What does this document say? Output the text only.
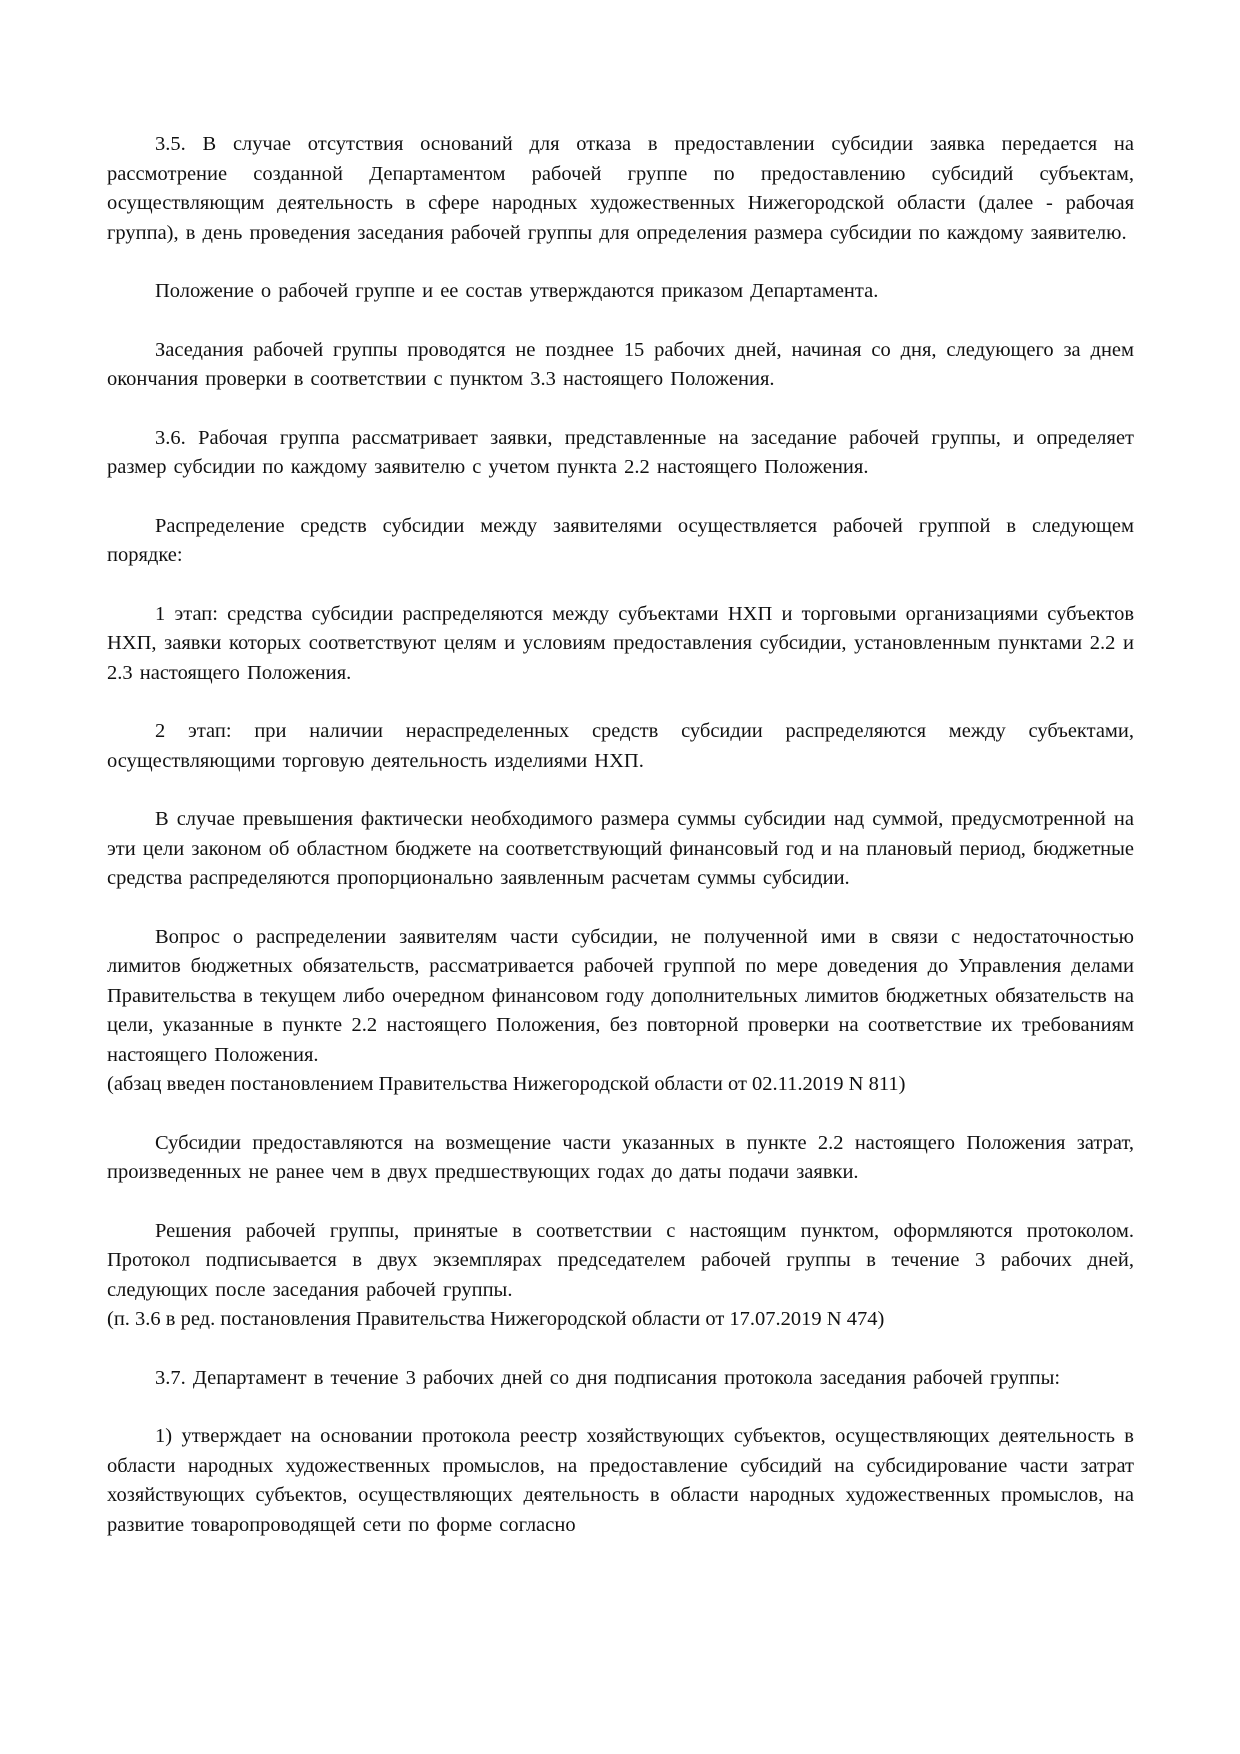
3.5. В случае отсутствия оснований для отказа в предоставлении субсидии заявка передается на рассмотрение созданной Департаментом рабочей группе по предоставлению субсидий субъектам, осуществляющим деятельность в сфере народных художественных Нижегородской области (далее - рабочая группа), в день проведения заседания рабочей группы для определения размера субсидии по каждому заявителю.
Положение о рабочей группе и ее состав утверждаются приказом Департамента.
Заседания рабочей группы проводятся не позднее 15 рабочих дней, начиная со дня, следующего за днем окончания проверки в соответствии с пунктом 3.3 настоящего Положения.
3.6. Рабочая группа рассматривает заявки, представленные на заседание рабочей группы, и определяет размер субсидии по каждому заявителю с учетом пункта 2.2 настоящего Положения.
Распределение средств субсидии между заявителями осуществляется рабочей группой в следующем порядке:
1 этап: средства субсидии распределяются между субъектами НХП и торговыми организациями субъектов НХП, заявки которых соответствуют целям и условиям предоставления субсидии, установленным пунктами 2.2 и 2.3 настоящего Положения.
2 этап: при наличии нераспределенных средств субсидии распределяются между субъектами, осуществляющими торговую деятельность изделиями НХП.
В случае превышения фактически необходимого размера суммы субсидии над суммой, предусмотренной на эти цели законом об областном бюджете на соответствующий финансовый год и на плановый период, бюджетные средства распределяются пропорционально заявленным расчетам суммы субсидии.
Вопрос о распределении заявителям части субсидии, не полученной ими в связи с недостаточностью лимитов бюджетных обязательств, рассматривается рабочей группой по мере доведения до Управления делами Правительства в текущем либо очередном финансовом году дополнительных лимитов бюджетных обязательств на цели, указанные в пункте 2.2 настоящего Положения, без повторной проверки на соответствие их требованиям настоящего Положения.
(абзац введен постановлением Правительства Нижегородской области от 02.11.2019 N 811)
Субсидии предоставляются на возмещение части указанных в пункте 2.2 настоящего Положения затрат, произведенных не ранее чем в двух предшествующих годах до даты подачи заявки.
Решения рабочей группы, принятые в соответствии с настоящим пунктом, оформляются протоколом. Протокол подписывается в двух экземплярах председателем рабочей группы в течение 3 рабочих дней, следующих после заседания рабочей группы.
(п. 3.6 в ред. постановления Правительства Нижегородской области от 17.07.2019 N 474)
3.7. Департамент в течение 3 рабочих дней со дня подписания протокола заседания рабочей группы:
1) утверждает на основании протокола реестр хозяйствующих субъектов, осуществляющих деятельность в области народных художественных промыслов, на предоставление субсидий на субсидирование части затрат хозяйствующих субъектов, осуществляющих деятельность в области народных художественных промыслов, на развитие товаропроводящей сети по форме согласно
